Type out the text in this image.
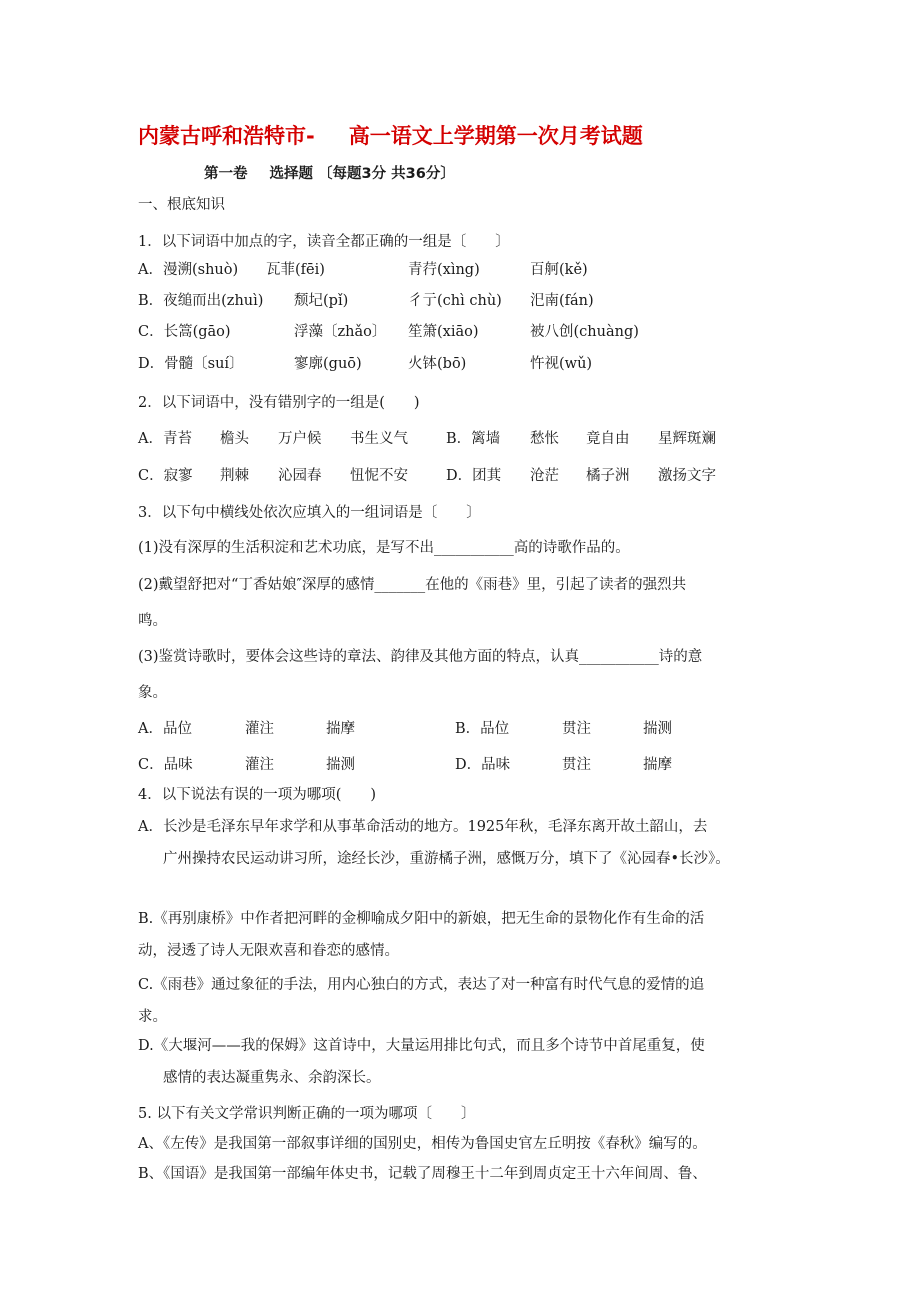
内蒙古呼和浩特市- 高一语文上学期第一次月考试题
第一卷 选择题 〔每题3分 共36分〕
一、根底知识
1．以下词语中加点的字，读音全都正确的一组是〔　　〕
A．漫溯(shuò) 瓦菲(fēi)	青荇(xìng)	百舸(kě)
B．夜缒而出(zhuì) 颓圮(pǐ)	彳亍(chì chù) 汜南(fán)
C．长篙(gāo)	浮藻〔zhǎo〕 笙箫(xiāo)	被八创(chuàng)
D．骨髓〔suí〕	寥廓(guō)	火钵(bō)	忤视(wǔ)
2．以下词语中，没有错别字的一组是(　　)
A．青苔 檐头 万户候 书生义气	B．篱墙 愁怅 竟自由 星辉斑斓
C．寂寥 荆棘 沁园春 忸怩不安	D．团萁 沧茫 橘子洲 激扬文字
3．以下句中横线处依次应填入的一组词语是〔　　〕
(1)没有深厚的生活积淀和艺术功底，是写不出___________高的诗歌作品的。
(2)戴望舒把对“丁香姑娘″深厚的感情_______在他的《雨巷》里，引起了读者的强烈共
鸣。
(3)鉴赏诗歌时，要体会这些诗的章法、韵律及其他方面的特点，认真___________诗的意
象。
A．品位	灌注	揣摩	B．品位	贯注	揣测
C．品味	灌注	揣测	D．品味	贯注	揣摩
4．以下说法有误的一项为哪项(　　)
A．长沙是毛泽东早年求学和从事革命活动的地方。1925年秋，毛泽东离开故土韶山，去
广州操持农民运动讲习所，途经长沙，重游橘子洲，感慨万分，填下了《沁园春•长沙》。
B.《再别康桥》中作者把河畔的金柳喻成夕阳中的新娘，把无生命的景物化作有生命的活
动，浸透了诗人无限欢喜和眷恋的感情。
C.《雨巷》通过象征的手法，用内心独白的方式，表达了对一种富有时代气息的爱情的追
求。
D.《大堰河——我的保姆》这首诗中，大量运用排比句式，而且多个诗节中首尾重复，使
感情的表达凝重隽永、余韵深长。
5. 以下有关文学常识判断正确的一项为哪项〔　　〕
A、《左传》是我国第一部叙事详细的国别史，相传为鲁国史官左丘明按《春秋》编写的。
B、《国语》是我国第一部编年体史书，记载了周穆王十二年到周贞定王十六年间周、鲁、
